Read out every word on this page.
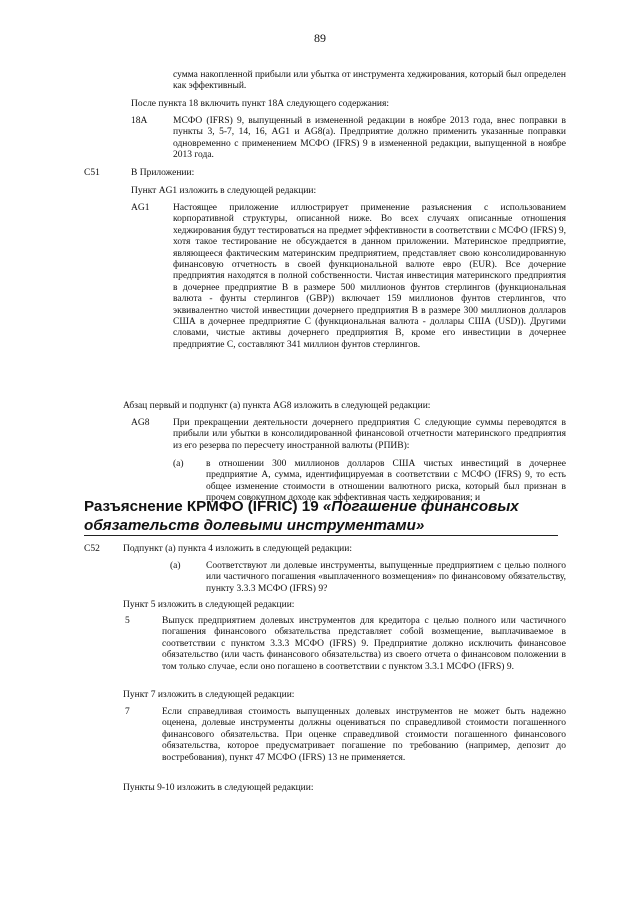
89
сумма накопленной прибыли или убытка от инструмента хеджирования, который был определен как эффективный.
После пункта 18 включить пункт 18А следующего содержания:
18A	МСФО (IFRS) 9, выпущенный в измененной редакции в ноябре 2013 года, внес поправки в пункты 3, 5-7, 14, 16, AG1 и AG8(a). Предприятие должно применить указанные поправки одновременно с применением МСФО (IFRS) 9 в измененной редакции, выпущенной в ноябре 2013 года.
C51	В Приложении:
Пункт AG1 изложить в следующей редакции:
AG1 Настоящее приложение иллюстрирует применение разъяснения с использованием корпоративной структуры, описанной ниже. Во всех случаях описанные отношения хеджирования будут тестироваться на предмет эффективности в соответствии с МСФО (IFRS) 9, хотя такое тестирование не обсуждается в данном приложении. Материнское предприятие, являющееся фактическим материнским предприятием, представляет свою консолидированную финансовую отчетность в своей функциональной валюте евро (EUR). Все дочерние предприятия находятся в полной собственности. Чистая инвестиция материнского предприятия в дочернее предприятие В в размере 500 миллионов фунтов стерлингов (функциональная валюта - фунты стерлингов (GBP)) включает 159 миллионов фунтов стерлингов, что эквивалентно чистой инвестиции дочернего предприятия В в размере 300 миллионов долларов США в дочернее предприятие С (функциональная валюта - доллары США (USD)). Другими словами, чистые активы дочернего предприятия В, кроме его инвестиции в дочернее предприятие С, составляют 341 миллион фунтов стерлингов.
Абзац первый и подпункт (а) пункта AG8 изложить в следующей редакции:
AG8 При прекращении деятельности дочернего предприятия С следующие суммы переводятся в прибыли или убытки в консолидированной финансовой отчетности материнского предприятия из его резерва по пересчету иностранной валюты (РПИВ):
(a) в отношении 300 миллионов долларов США чистых инвестиций в дочернее предприятие А, сумма, идентифицируемая в соответствии с МСФО (IFRS) 9, то есть общее изменение стоимости в отношении валютного риска, который был признан в прочем совокупном доходе как эффективная часть хеджирования; и
Разъяснение КРМФО (IFRIC) 19 «Погашение финансовых обязательств долевыми инструментами»
C52 Подпункт (а) пункта 4 изложить в следующей редакции:
(a)	Соответствуют ли долевые инструменты, выпущенные предприятием с целью полного или частичного погашения «выплаченного возмещения» по финансовому обязательству, пункту 3.3.3 МСФО (IFRS) 9?
Пункт 5 изложить в следующей редакции:
5	Выпуск предприятием долевых инструментов для кредитора с целью полного или частичного погашения финансового обязательства представляет собой возмещение, выплачиваемое в соответствии с пунктом 3.3.3 МСФО (IFRS) 9. Предприятие должно исключить финансовое обязательство (или часть финансового обязательства) из своего отчета о финансовом положении в том только случае, если оно погашено в соответствии с пунктом 3.3.1 МСФО (IFRS) 9.
Пункт 7 изложить в следующей редакции:
7	Если справедливая стоимость выпущенных долевых инструментов не может быть надежно оценена, долевые инструменты должны оцениваться по справедливой стоимости погашенного финансового обязательства. При оценке справедливой стоимости погашенного финансового обязательства, которое предусматривает погашение по требованию (например, депозит до востребования), пункт 47 МСФО (IFRS) 13 не применяется.
Пункты 9-10 изложить в следующей редакции:
